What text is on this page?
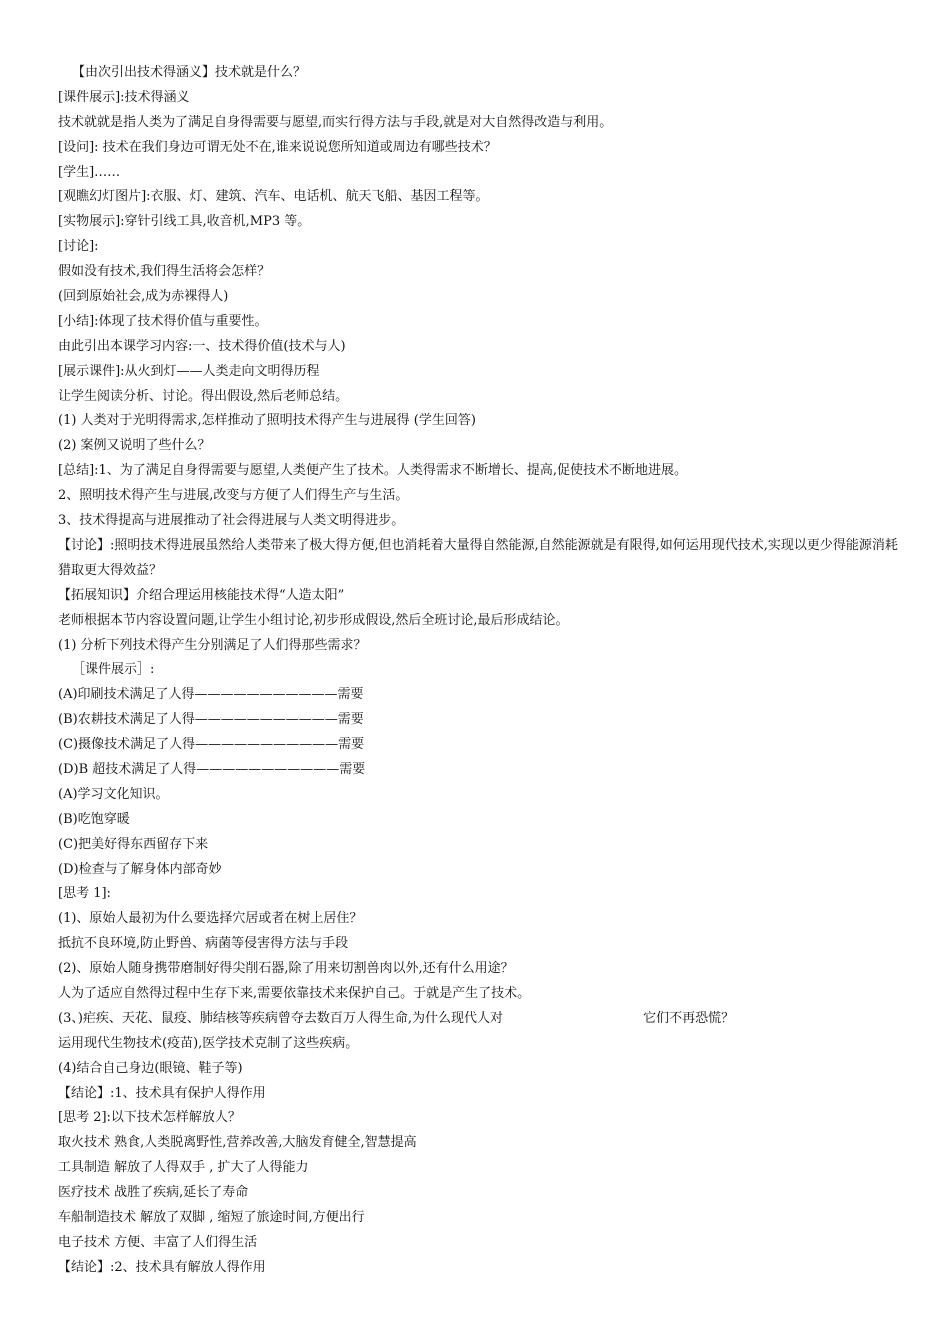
【由次引出技术得涵义】技术就是什么？
[课件展示]:技术得涵义
技术就就是指人类为了满足自身得需要与愿望,而实行得方法与手段,就是对大自然得改造与利用。
[设问]: 技术在我们身边可谓无处不在,谁来说说您所知道或周边有哪些技术？
[学生]……
[观瞧幻灯图片]:衣服、灯、建筑、汽车、电话机、航天飞船、基因工程等。
[实物展示]:穿针引线工具,收音机,MP3 等。
[讨论]:
假如没有技术,我们得生活将会怎样？
(回到原始社会,成为赤裸得人)
[小结]:体现了技术得价值与重要性。
由此引出本课学习内容:一、技术得价值(技术与人)
[展示课件]:从火到灯——人类走向文明得历程
让学生阅读分析、讨论。得出假设,然后老师总结。
(1) 人类对于光明得需求,怎样推动了照明技术得产生与进展得 (学生回答)
(2) 案例又说明了些什么？
[总结]:1、为了满足自身得需要与愿望,人类便产生了技术。人类得需求不断增长、提高,促使技术不断地进展。
2、照明技术得产生与进展,改变与方便了人们得生产与生活。
3、技术得提高与进展推动了社会得进展与人类文明得进步。
【讨论】:照明技术得进展虽然给人类带来了极大得方便,但也消耗着大量得自然能源,自然能源就是有限得,如何运用现代技术,实现以更少得能源消耗猎取更大得效益？
【拓展知识】介绍合理运用核能技术得“人造太阳”
老师根据本节内容设置问题,让学生小组讨论,初步形成假设,然后全班讨论,最后形成结论。
(1) 分析下列技术得产生分别满足了人们得那些需求？
［课件展示］:
(A)印刷技术满足了人得———————————需要
(B)农耕技术满足了人得———————————需要
(C)摄像技术满足了人得———————————需要
(D)B 超技术满足了人得———————————需要
(A)学习文化知识。
(B)吃饱穿暖
(C)把美好得东西留存下来
(D)检查与了解身体内部奇妙
[思考 1]:
(1)、原始人最初为什么要选择穴居或者在树上居住？
抵抗不良环境,防止野兽、病菌等侵害得方法与手段
(2)、原始人随身携带磨制好得尖削石器,除了用来切割兽肉以外,还有什么用途？
人为了适应自然得过程中生存下来,需要依靠技术来保护自己。于就是产生了技术。
(3、)疟疾、天花、鼠疫、肺结核等疾病曾夺去数百万人得生命,为什么现代人对	它们不再恐慌？
运用现代生物技术(疫苗),医学技术克制了这些疾病。
(4)结合自己身边(眼镜、鞋子等)
【结论】:1、技术具有保护人得作用
[思考 2]:以下技术怎样解放人？
取火技术 熟食,人类脱离野性,营养改善,大脑发育健全,智慧提高
工具制造 解放了人得双手 , 扩大了人得能力
医疗技术 战胜了疾病,延长了寿命
车船制造技术 解放了双脚 , 缩短了旅途时间,方便出行
电子技术 方便、丰富了人们得生活
【结论】:2、技术具有解放人得作用
